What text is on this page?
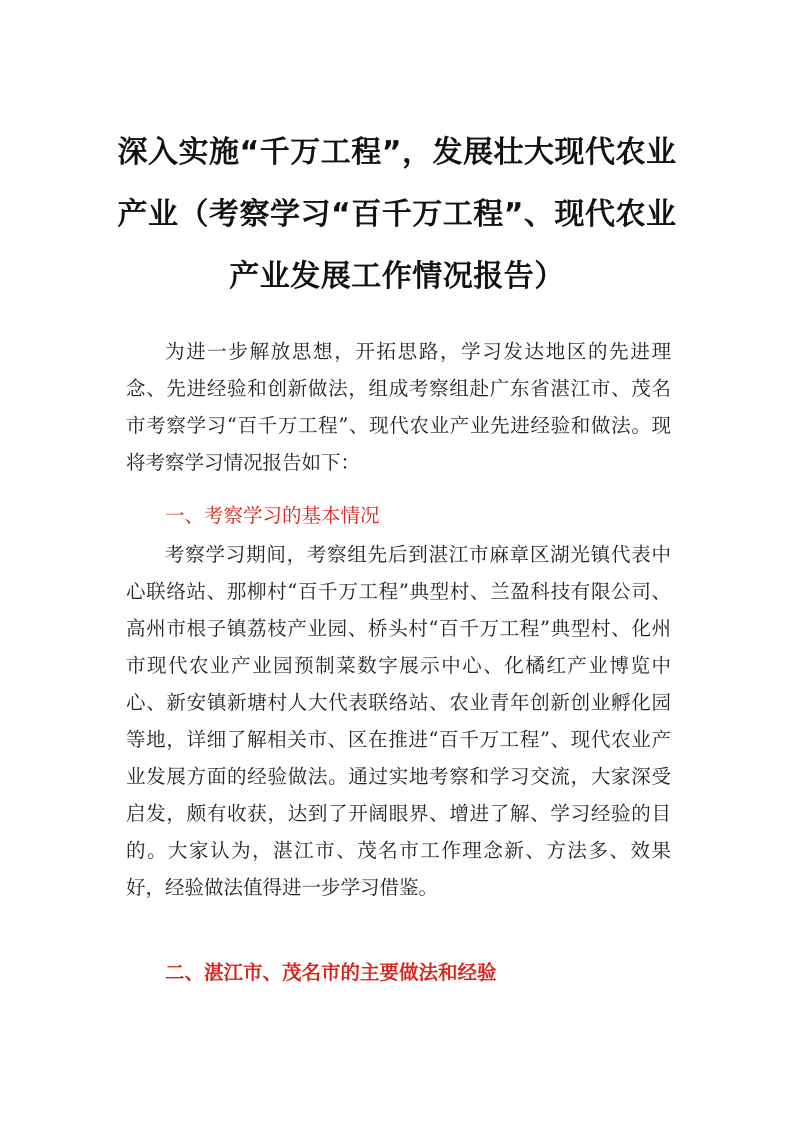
深入实施“千万工程”，发展壮大现代农业
产业（考察学习“百千万工程”、现代农业
产业发展工作情况报告）

为进一步解放思想，开拓思路，学习发达地区的先进理念、先进经验和创新做法，组成考察组赴广东省湛江市、茂名市考察学习“百千万工程”、现代农业产业先进经验和做法。现将考察学习情况报告如下：

一、考察学习的基本情况

考察学习期间，考察组先后到湛江市麻章区湖光镇代表中心联络站、那柳村“百千万工程”典型村、兰盈科技有限公司、高州市根子镇荔枝产业园、桥头村“百千万工程”典型村、化州市现代农业产业园预制菜数字展示中心、化橘红产业博览中心、新安镇新塘村人大代表联络站、农业青年创新创业孵化园等地，详细了解相关市、区在推进“百千万工程”、现代农业产业发展方面的经验做法。通过实地考察和学习交流，大家深受启发，颇有收获，达到了开阔眼界、增进了解、学习经验的目的。大家认为，湛江市、茂名市工作理念新、方法多、效果好，经验做法值得进一步学习借鉴。

二、湛江市、茂名市的主要做法和经验
